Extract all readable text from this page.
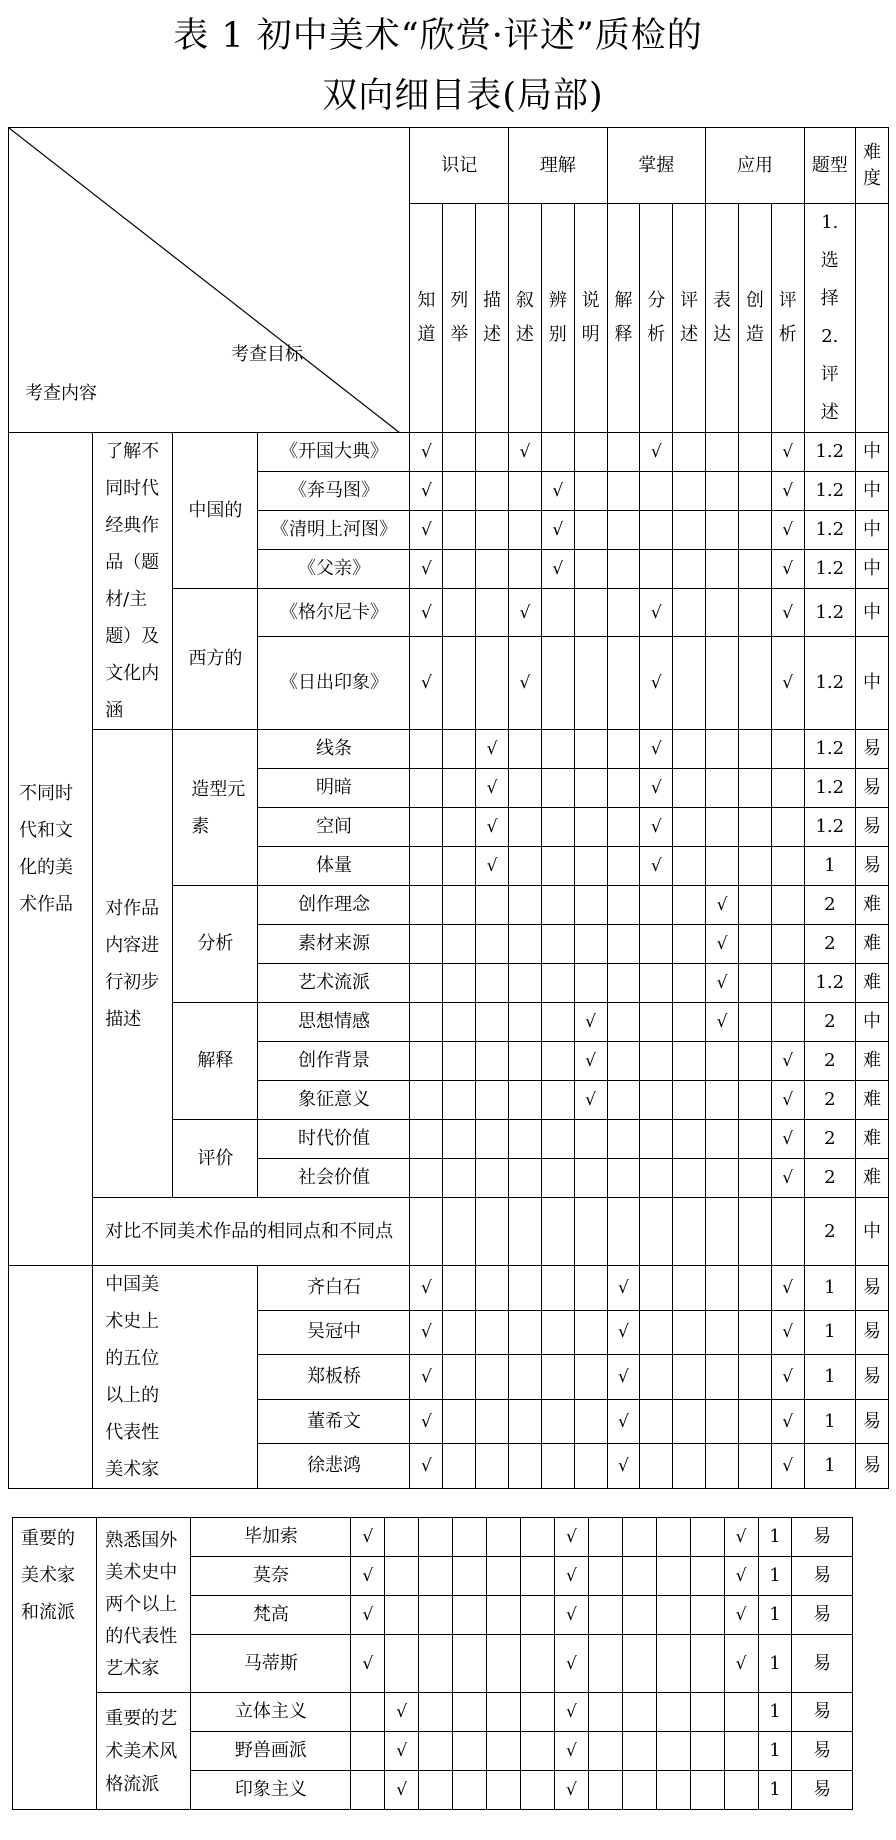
表 1 初中美术“欣赏·评述”质检的
双向细目表(局部)
考查目标
考查内容				识记			理解			掌握			应用			题型	难度
				知道	列举	描述	叙述	辨别	说明	解释	分析	评述	表达	创造	评析	1.选择2.评述	
不同时代和文化的美术作品	了解不同时代经典作品（题材/主题）及文化内涵	中国的	《开国大典》	√			√				√				√	1.2	中
			《奔马图》	√				√							√	1.2	中
			《清明上河图》	√				√							√	1.2	中
			《父亲》	√				√							√	1.2	中
		西方的	《格尔尼卡》	√			√				√				√	1.2	中
			《日出印象》	√			√				√				√	1.2	中
	对作品内容进行初步描述	造型元素	线条			√					√					1.2	易
			明暗			√					√					1.2	易
			空间			√					√					1.2	易
			体量			√					√					1	易
		分析	创作理念										√			2	难
			素材来源										√			2	难
			艺术流派										√			1.2	难
		解释	思想情感						√				√			2	中
			创作背景						√						√	2	难
			象征意义						√						√	2	难
		评价	时代价值												√	2	难
			社会价值												√	2	难
	对比不同美术作品的相同点和不同点															2	中
	中国美术史上的五位以上的代表性美术家		齐白石	√						√					√	1	易
			吴冠中	√						√					√	1	易
			郑板桥	√						√					√	1	易
			董希文	√						√					√	1	易
			徐悲鸿	√						√					√	1	易
重要的美术家和流派	熟悉国外美术史中两个以上的代表性艺术家	毕加索	√						√					√	1	易
		莫奈	√						√					√	1	易
		梵高	√						√					√	1	易
		马蒂斯	√						√					√	1	易
	重要的艺术美术风格流派	立体主义		√					√						1	易
		野兽画派		√					√						1	易
		印象主义		√					√						1	易
